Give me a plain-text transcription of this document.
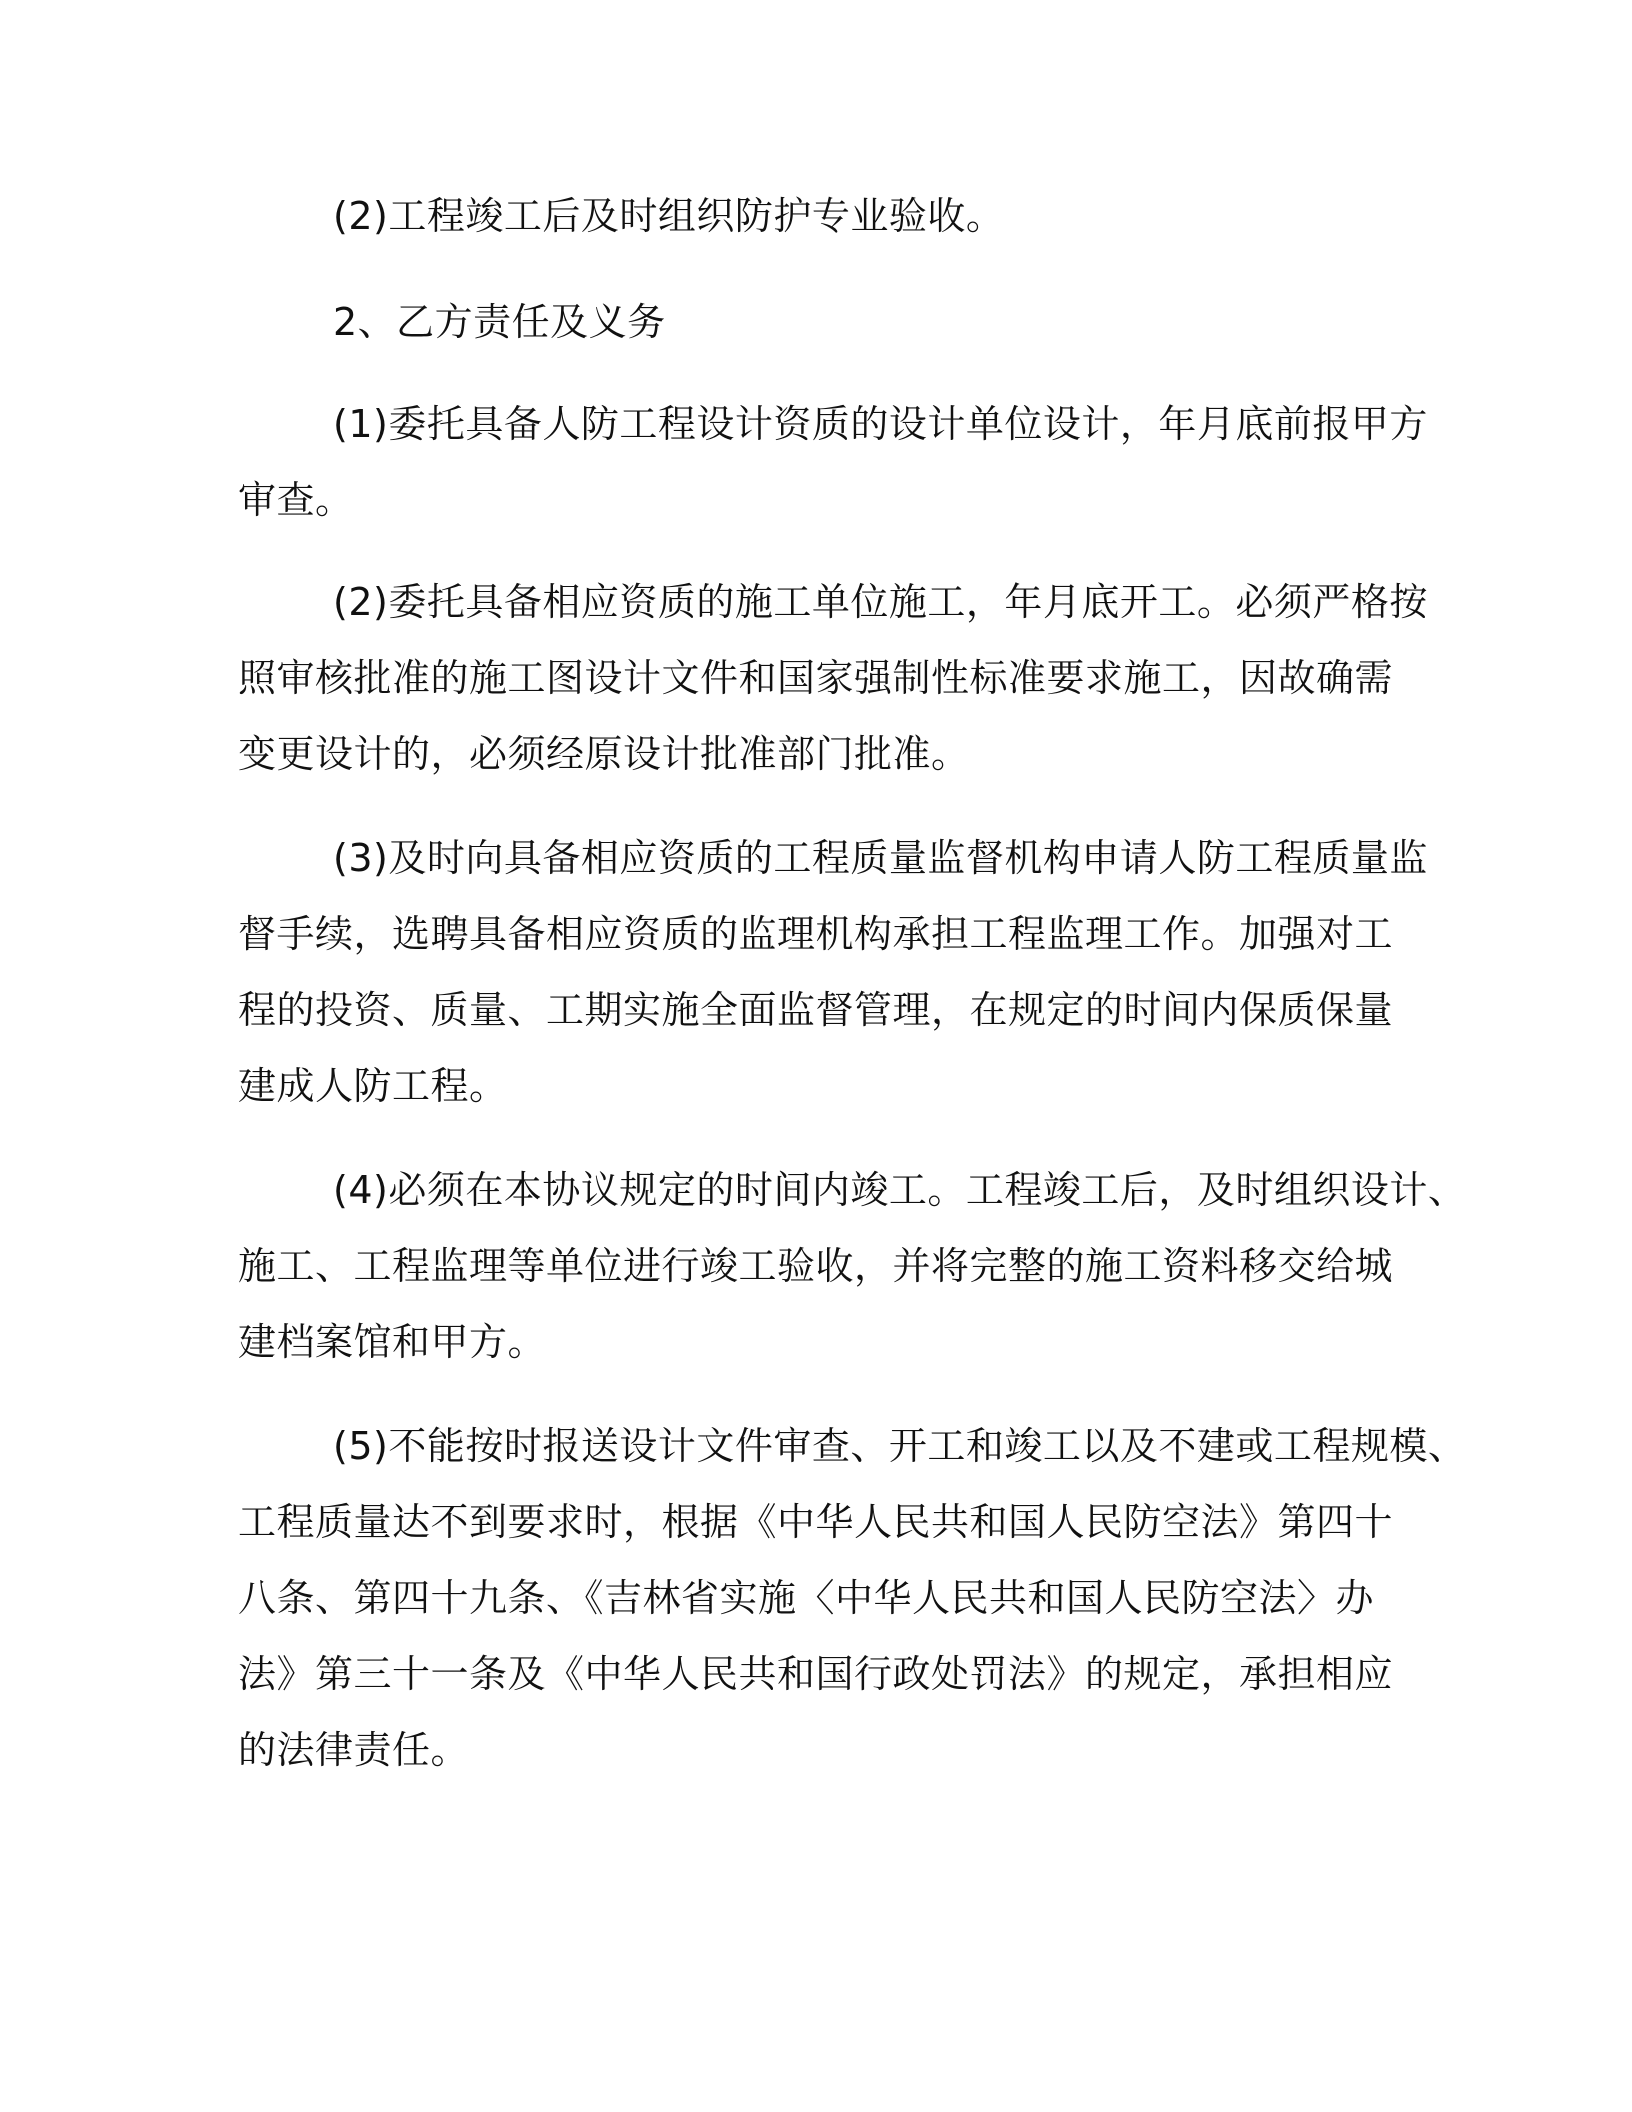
(2)工程竣工后及时组织防护专业验收。
2、乙方责任及义务
(1)委托具备人防工程设计资质的设计单位设计，年月底前报甲方
审查。
(2)委托具备相应资质的施工单位施工，年月底开工。必须严格按
照审核批准的施工图设计文件和国家强制性标准要求施工，因故确需
变更设计的，必须经原设计批准部门批准。
(3)及时向具备相应资质的工程质量监督机构申请人防工程质量监
督手续，选聘具备相应资质的监理机构承担工程监理工作。加强对工
程的投资、质量、工期实施全面监督管理，在规定的时间内保质保量
建成人防工程。
(4)必须在本协议规定的时间内竣工。工程竣工后，及时组织设计、
施工、工程监理等单位进行竣工验收，并将完整的施工资料移交给城
建档案馆和甲方。
(5)不能按时报送设计文件审查、开工和竣工以及不建或工程规模、
工程质量达不到要求时，根据《中华人民共和国人民防空法》第四十
八条、第四十九条、《吉林省实施〈中华人民共和国人民防空法〉办
法》第三十一条及《中华人民共和国行政处罚法》的规定，承担相应
的法律责任。
